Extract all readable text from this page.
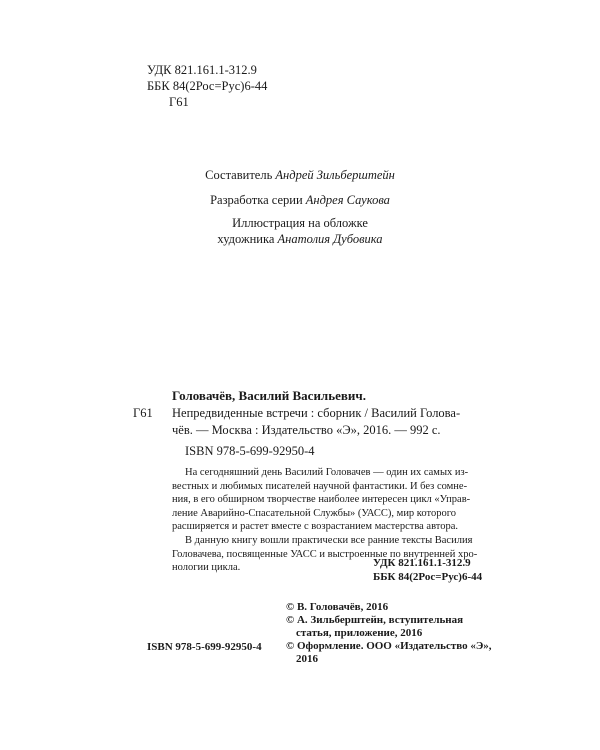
УДК 821.161.1-312.9
ББК 84(2Рос=Рус)6-44
Г61
Составитель Андрей Зильберштейн
Разработка серии Андрея Саукова
Иллюстрация на обложке
художника Анатолия Дубовика
Головачёв, Василий Васильевич.
Г61 Непредвиденные встречи : сборник / Василий Голова-
чёв. — Москва : Издательство «Э», 2016. — 992 с.
ISBN 978-5-699-92950-4
На сегодняшний день Василий Головачев — один их самых из-
вестных и любимых писателей научной фантастики. И без сомне-
ния, в его обширном творчестве наиболее интересен цикл «Управ-
ление Аварийно-Спасательной Службы» (УАСС), мир которого
расширяется и растет вместе с возрастанием мастерства автора.
В данную книгу вошли практически все ранние тексты Василия
Головачева, посвященные УАСС и выстроенные по внутренней хро-
нологии цикла.	УДК 821.161.1-312.9
ББК 84(2Рос=Рус)6-44
© В. Головачёв, 2016
© А. Зильберштейн, вступительная
статья, приложение, 2016
© Оформление. ООО «Издательство «Э»,
2016
ISBN 978-5-699-92950-4
